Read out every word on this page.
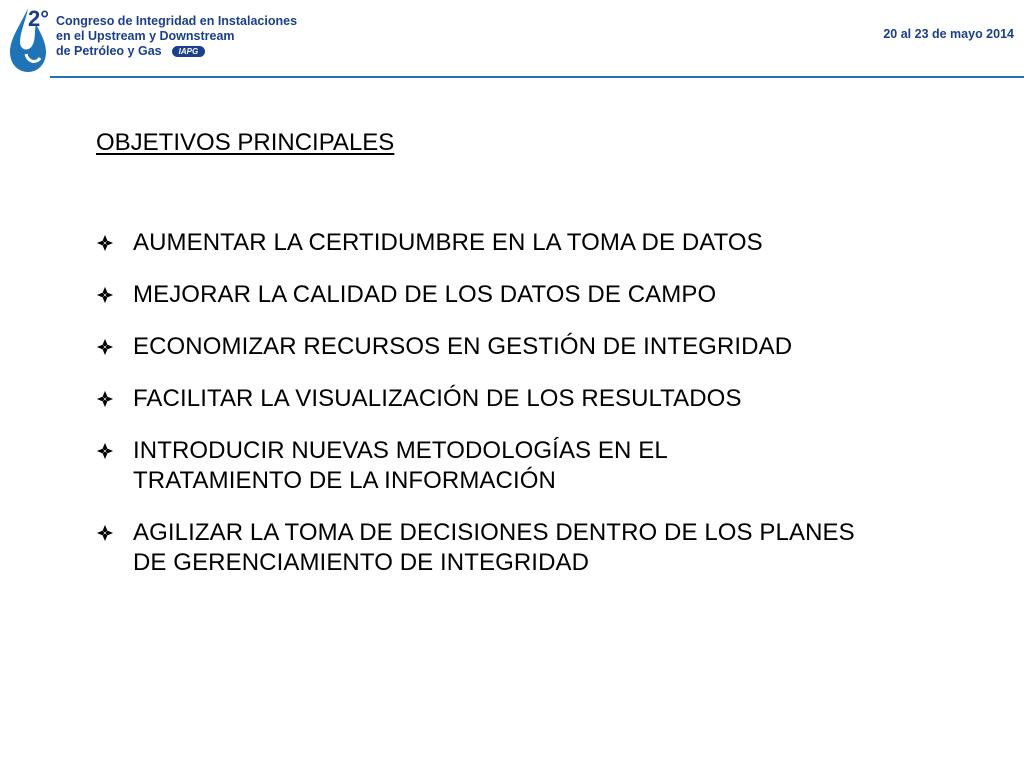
2° Congreso de Integridad en Instalaciones
en el Upstream y Downstream
de Petróleo y Gas IAPG
20 al 23 de mayo 2014
OBJETIVOS PRINCIPALES
AUMENTAR LA CERTIDUMBRE EN LA TOMA DE DATOS
MEJORAR LA CALIDAD DE LOS DATOS DE CAMPO
ECONOMIZAR RECURSOS EN GESTIÓN DE INTEGRIDAD
FACILITAR LA VISUALIZACIÓN DE LOS RESULTADOS
INTRODUCIR NUEVAS METODOLOGÍAS EN EL TRATAMIENTO DE LA INFORMACIÓN
AGILIZAR LA TOMA DE DECISIONES DENTRO DE LOS PLANES DE GERENCIAMIENTO DE INTEGRIDAD
